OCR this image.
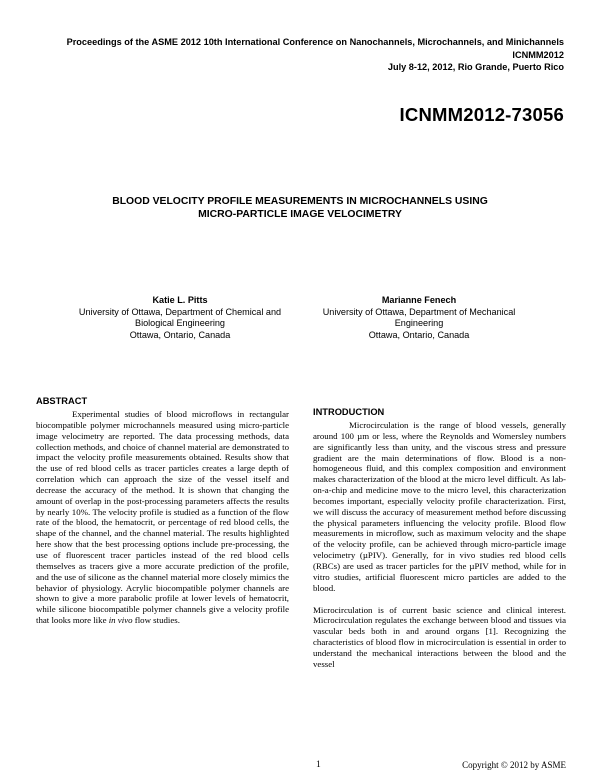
Proceedings of the ASME 2012 10th International Conference on Nanochannels, Microchannels, and Minichannels
ICNMM2012
July 8-12, 2012, Rio Grande, Puerto Rico
ICNMM2012-73056
BLOOD VELOCITY PROFILE MEASUREMENTS IN MICROCHANNELS USING
MICRO-PARTICLE IMAGE VELOCIMETRY
Katie L. Pitts
University of Ottawa, Department of Chemical and
Biological Engineering
Ottawa, Ontario, Canada
Marianne Fenech
University of Ottawa, Department of Mechanical
Engineering
Ottawa, Ontario, Canada
ABSTRACT

Experimental studies of blood microflows in rectangular biocompatible polymer microchannels measured using micro-particle image velocimetry are reported. The data processing methods, data collection methods, and choice of channel material are demonstrated to impact the velocity profile measurements obtained. Results show that the use of red blood cells as tracer particles creates a large depth of correlation which can approach the size of the vessel itself and decrease the accuracy of the method. It is shown that changing the amount of overlap in the post-processing parameters affects the results by nearly 10%. The velocity profile is studied as a function of the flow rate of the blood, the hematocrit, or percentage of red blood cells, the shape of the channel, and the channel material. The results highlighted here show that the best processing options include pre-processing, the use of fluorescent tracer particles instead of the red blood cells themselves as tracers give a more accurate prediction of the profile, and the use of silicone as the channel material more closely mimics the behavior of physiology. Acrylic biocompatible polymer channels are shown to give a more parabolic profile at lower levels of hematocrit, while silicone biocompatible polymer channels give a velocity profile that looks more like in vivo flow studies.

INTRODUCTION

Microcirculation is the range of blood vessels, generally around 100 µm or less, where the Reynolds and Womersley numbers are significantly less than unity, and the viscous stress and pressure gradient are the main determinations of flow. Blood is a non-homogeneous fluid, and this complex composition and environment makes characterization of the blood at the micro level difficult. As lab-on-a-chip and medicine move to the micro level, this characterization becomes important, especially velocity profile characterization. First, we will discuss the accuracy of measurement method before discussing the physical parameters influencing the velocity profile. Blood flow measurements in microflow, such as maximum velocity and the shape of the velocity profile, can be achieved through micro-particle image velocimetry (µPIV). Generally, for in vivo studies red blood cells (RBCs) are used as tracer particles for the µPIV method, while for in vitro studies, artificial fluorescent micro particles are added to the blood.

Microcirculation is of current basic science and clinical interest. Microcirculation regulates the exchange between blood and tissues via vascular beds both in and around organs [1]. Recognizing the characteristics of blood flow in microcirculation is essential in order to understand the mechanical interactions between the blood and the vessel

1	Copyright © 2012 by ASME
